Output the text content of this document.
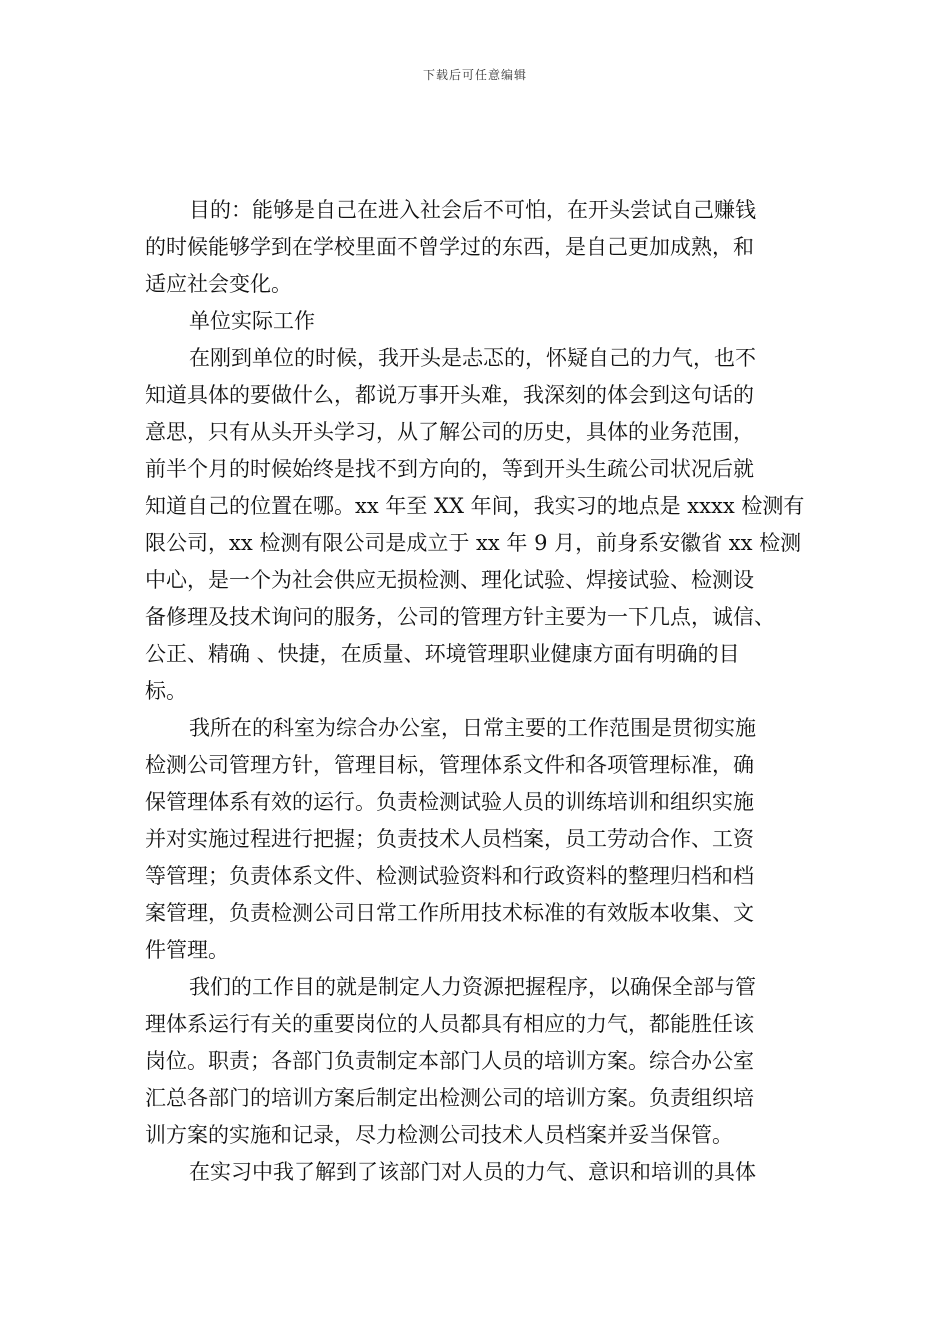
下载后可任意编辑
目的：能够是自己在进入社会后不可怕，在开头尝试自己赚钱
的时候能够学到在学校里面不曾学过的东西，是自己更加成熟，和
适应社会变化。
单位实际工作
在刚到单位的时候，我开头是忐忑的，怀疑自己的力气，也不
知道具体的要做什么，都说万事开头难，我深刻的体会到这句话的
意思，只有从头开头学习，从了解公司的历史，具体的业务范围，
前半个月的时候始终是找不到方向的，等到开头生疏公司状况后就
知道自己的位置在哪。xx 年至 XX 年间，我实习的地点是 xxxx 检测有
限公司，xx 检测有限公司是成立于 xx 年 9 月，前身系安徽省 xx 检测
中心，是一个为社会供应无损检测、理化试验、焊接试验、检测设
备修理及技术询问的服务，公司的管理方针主要为一下几点，诚信、
公正、精确 、快捷，在质量、环境管理职业健康方面有明确的目
标。
我所在的科室为综合办公室，日常主要的工作范围是贯彻实施
检测公司管理方针，管理目标，管理体系文件和各项管理标准，确
保管理体系有效的运行。负责检测试验人员的训练培训和组织实施
并对实施过程进行把握；负责技术人员档案，员工劳动合作、工资
等管理；负责体系文件、检测试验资料和行政资料的整理归档和档
案管理，负责检测公司日常工作所用技术标准的有效版本收集、文
件管理。
我们的工作目的就是制定人力资源把握程序，以确保全部与管
理体系运行有关的重要岗位的人员都具有相应的力气，都能胜任该
岗位。职责；各部门负责制定本部门人员的培训方案。综合办公室
汇总各部门的培训方案后制定出检测公司的培训方案。负责组织培
训方案的实施和记录，尽力检测公司技术人员档案并妥当保管。
在实习中我了解到了该部门对人员的力气、意识和培训的具体
